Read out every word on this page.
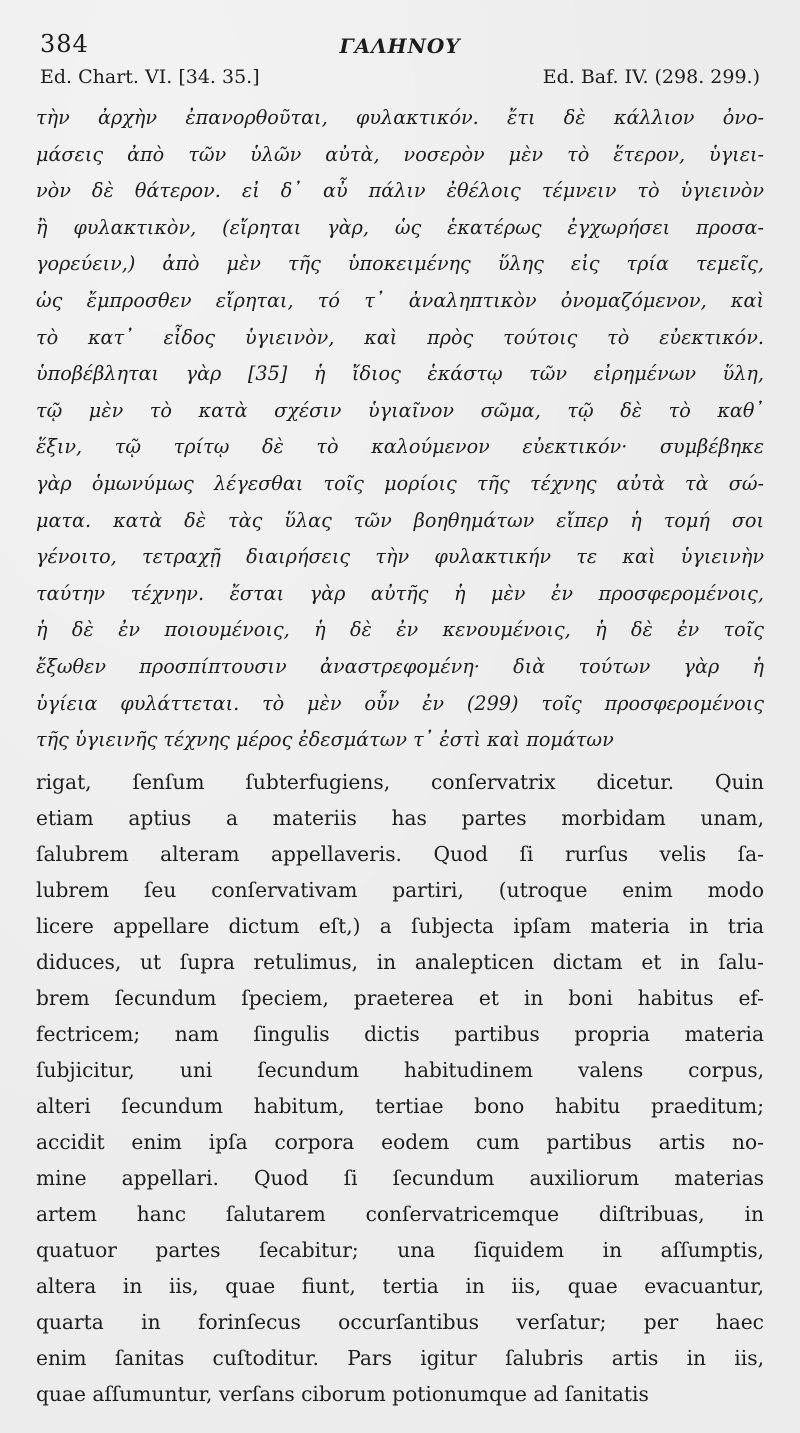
384	ΓΑΛΗΝΟΥ
Ed. Chart. VI. [34. 35.]	Ed. Baf. IV. (298. 299.)
τὴν ἀρχὴν ἐπανορθοῦται, φυλακτικόν. ἔτι δὲ κάλλιον ὀνο-
μάσεις ἀπὸ τῶν ὑλῶν αὐτὰ, νοσερὸν μὲν τὸ ἕτερον, ὑγιει-
νὸν δὲ θάτερον. εἰ δ᾽ αὖ πάλιν ἐθέλοις τέμνειν τὸ ὑγιεινὸν
ἢ φυλακτικὸν, (εἴρηται γὰρ, ὡς ἑκατέρως ἐγχωρήσει προσα-
γορεύειν,) ἀπὸ μὲν τῆς ὑποκειμένης ὕλης εἰς τρία τεμεῖς,
ὡς ἔμπροσθεν εἴρηται, τό τ᾽ ἀναληπτικὸν ὀνομαζόμενον, καὶ
τὸ κατ᾽ εἶδος ὑγιεινὸν, καὶ πρὸς τούτοις τὸ εὐεκτικόν.
ὑποβέβληται γὰρ [35] ἡ ἴδιος ἑκάστῳ τῶν εἰρημένων ὕλη,
τῷ μὲν τὸ κατὰ σχέσιν ὑγιαῖνον σῶμα, τῷ δὲ τὸ καθ᾽
ἕξιν, τῷ τρίτῳ δὲ τὸ καλούμενον εὐεκτικόν· συμβέβηκε
γὰρ ὁμωνύμως λέγεσθαι τοῖς μορίοις τῆς τέχνης αὐτὰ τὰ σώ-
ματα. κατὰ δὲ τὰς ὕλας τῶν βοηθημάτων εἴπερ ἡ τομή σοι
γένοιτο, τετραχῇ διαιρήσεις τὴν φυλακτικήν τε καὶ ὑγιεινὴν
ταύτην τέχνην. ἔσται γὰρ αὐτῆς ἡ μὲν ἐν προσφερομένοις,
ἡ δὲ ἐν ποιουμένοις, ἡ δὲ ἐν κενουμένοις, ἡ δὲ ἐν τοῖς
ἔξωθεν προσπίπτουσιν ἀναστρεφομένη· διὰ τούτων γὰρ ἡ
ὑγίεια φυλάττεται. τὸ μὲν οὖν ἐν (299) τοῖς προσφερομένοις
τῆς ὑγιεινῆς τέχνης μέρος ἐδεσμάτων τ᾽ ἐστὶ καὶ πομάτων
rigat, ſenſum ſubterfugiens, conſervatrix dicetur. Quin
etiam aptius a materiis has partes morbidam unam,
ſalubrem alteram appellaveris. Quod ſi rurſus velis ſa-
lubrem ſeu conſervativam partiri, (utroque enim modo
licere appellare dictum eſt,) a ſubjecta ipſam materia in tria
diduces, ut ſupra retulimus, in analepticen dictam et in ſalu-
brem ſecundum ſpeciem, praeterea et in boni habitus ef-
fectricem; nam ſingulis dictis partibus propria materia
ſubjicitur, uni ſecundum habitudinem valens corpus,
alteri ſecundum habitum, tertiae bono habitu praeditum;
accidit enim ipſa corpora eodem cum partibus artis no-
mine appellari. Quod ſi ſecundum auxiliorum materias
artem hanc ſalutarem conſervatricemque diſtribuas, in
quatuor partes ſecabitur; una ſiquidem in aſſumptis,
altera in iis, quae fiunt, tertia in iis, quae evacuantur,
quarta in forinſecus occurſantibus verſatur; per haec
enim ſanitas cuſtoditur. Pars igitur ſalubris artis in iis,
quae aſſumuntur, verſans ciborum potionumque ad ſanitatis
